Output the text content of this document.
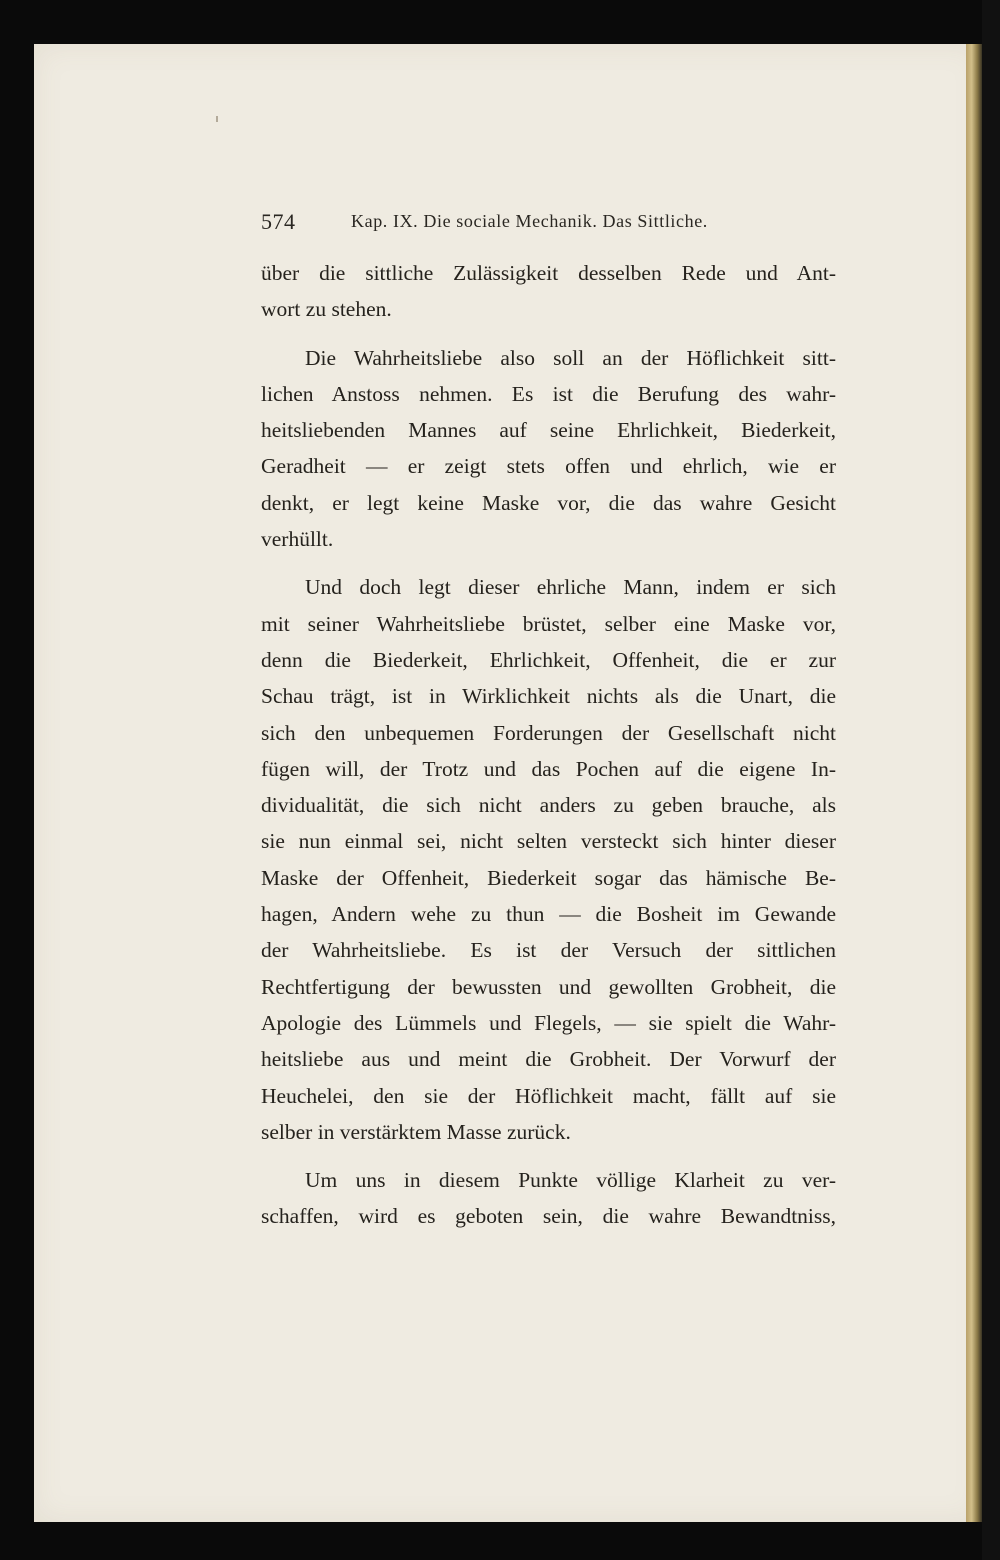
574	Kap. IX. Die sociale Mechanik. Das Sittliche.
über die sittliche Zulässigkeit desselben Rede und Ant-
wort zu stehen.
Die Wahrheitsliebe also soll an der Höflichkeit sitt-
lichen Anstoss nehmen. Es ist die Berufung des wahr-
heitsliebenden Mannes auf seine Ehrlichkeit, Biederkeit,
Geradheit — er zeigt stets offen und ehrlich, wie er
denkt, er legt keine Maske vor, die das wahre Gesicht
verhüllt.
Und doch legt dieser ehrliche Mann, indem er sich
mit seiner Wahrheitsliebe brüstet, selber eine Maske vor,
denn die Biederkeit, Ehrlichkeit, Offenheit, die er zur
Schau trägt, ist in Wirklichkeit nichts als die Unart, die
sich den unbequemen Forderungen der Gesellschaft nicht
fügen will, der Trotz und das Pochen auf die eigene In-
dividualität, die sich nicht anders zu geben brauche, als
sie nun einmal sei, nicht selten versteckt sich hinter dieser
Maske der Offenheit, Biederkeit sogar das hämische Be-
hagen, Andern wehe zu thun — die Bosheit im Gewande
der Wahrheitsliebe. Es ist der Versuch der sittlichen
Rechtfertigung der bewussten und gewollten Grobheit, die
Apologie des Lümmels und Flegels, — sie spielt die Wahr-
heitsliebe aus und meint die Grobheit. Der Vorwurf der
Heuchelei, den sie der Höflichkeit macht, fällt auf sie
selber in verstärktem Masse zurück.
Um uns in diesem Punkte völlige Klarheit zu ver-
schaffen, wird es geboten sein, die wahre Bewandtniss,
